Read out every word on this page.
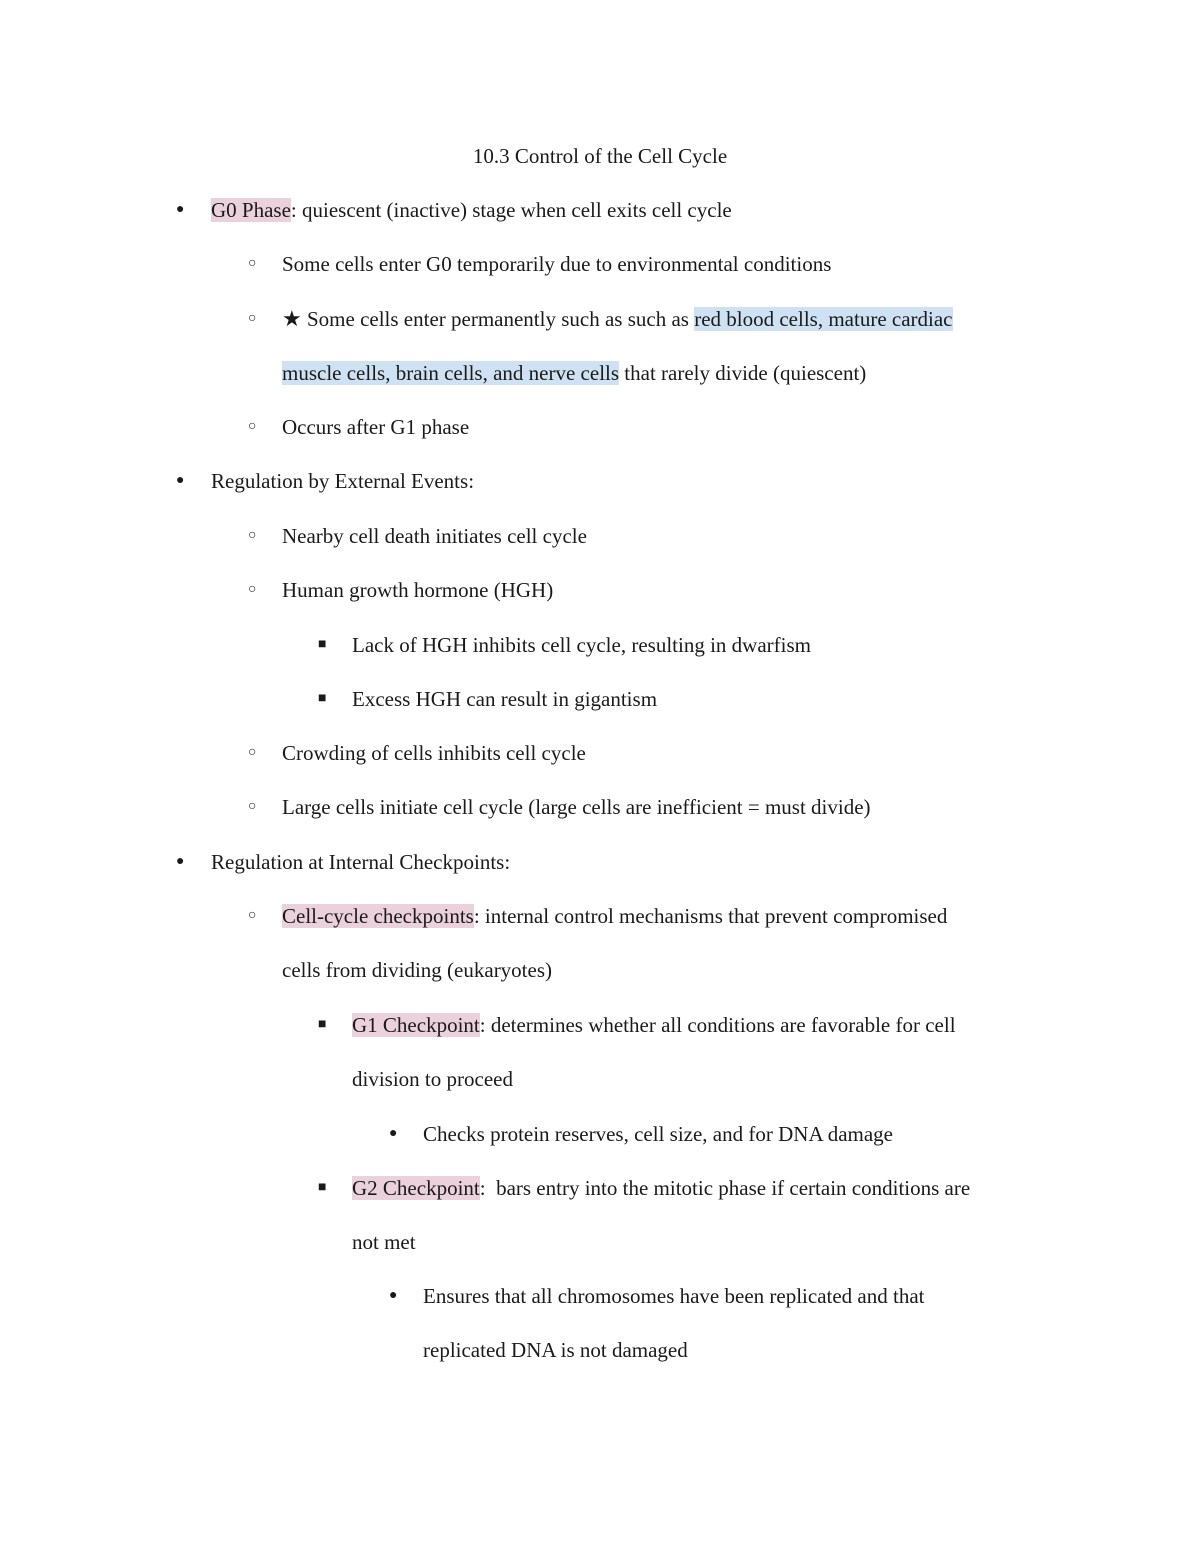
10.3 Control of the Cell Cycle
●
G0 Phase: quiescent (inactive) stage when cell exits cell cycle
○
Some cells enter G0 temporarily due to environmental conditions
○
★ Some cells enter permanently such as such as red blood cells, mature cardiac
muscle cells, brain cells, and nerve cells that rarely divide (quiescent)
○
Occurs after G1 phase
●
Regulation by External Events:
○
Nearby cell death initiates cell cycle
○
Human growth hormone (HGH)
■
Lack of HGH inhibits cell cycle, resulting in dwarfism
■
Excess HGH can result in gigantism
○
Crowding of cells inhibits cell cycle
○
Large cells initiate cell cycle (large cells are inefficient = must divide)
●
Regulation at Internal Checkpoints:
○
Cell-cycle checkpoints: internal control mechanisms that prevent compromised
cells from dividing (eukaryotes)
■
G1 Checkpoint: determines whether all conditions are favorable for cell
division to proceed
●
Checks protein reserves, cell size, and for DNA damage
■
G2 Checkpoint:  bars entry into the mitotic phase if certain conditions are
not met
●
Ensures that all chromosomes have been replicated and that
replicated DNA is not damaged
